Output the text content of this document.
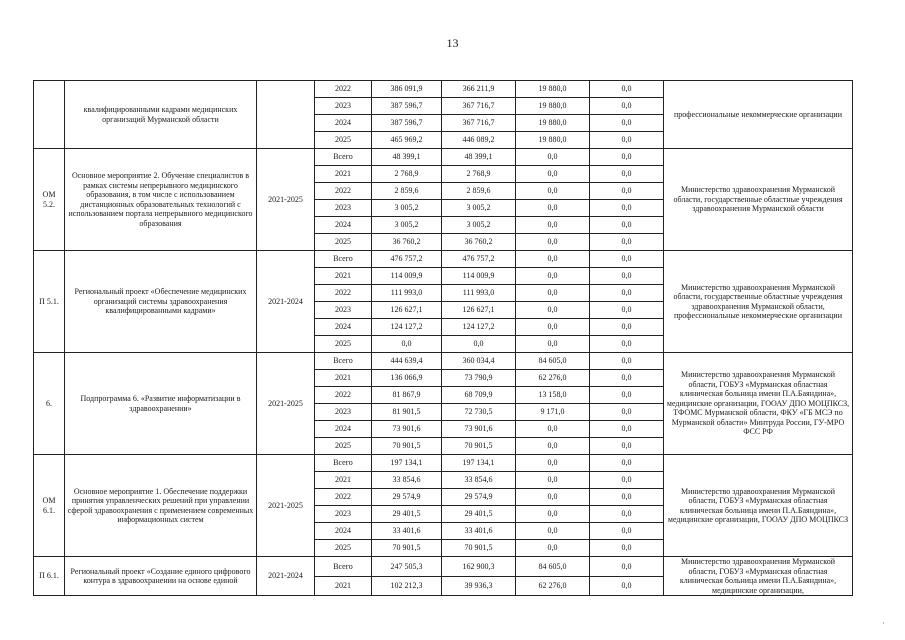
13
	квалифицированными кадрами медицинских организаций Мурманской области		2022	386 091,9	366 211,9	19 880,0	0,0	профессиональные некоммерческие организации
			2023	387 596,7	367 716,7	19 880,0	0,0	
			2024	387 596,7	367 716,7	19 880,0	0,0	
			2025	465 969,2	446 089,2	19 880,0	0,0	
ОМ 5.2.	Основное мероприятие 2. Обучение специалистов в рамках системы непрерывного медицинского образования, в том числе с использованием дистанционных образовательных технологий с использованием портала непрерывного медицинского образования	2021-2025	Всего	48 399,1	48 399,1	0,0	0,0	Министерство здравоохранения Мурманской области, государственные областные учреждения здравоохранения Мурманской области
			2021	2 768,9	2 768,9	0,0	0,0	
			2022	2 859,6	2 859,6	0,0	0,0	
			2023	3 005,2	3 005,2	0,0	0,0	
			2024	3 005,2	3 005,2	0,0	0,0	
			2025	36 760,2	36 760,2	0,0	0,0	
П 5.1.	Региональный проект «Обеспечение медицинских организаций системы здравоохранения квалифицированными кадрами»	2021-2024	Всего	476 757,2	476 757,2	0,0	0,0	Министерство здравоохранения Мурманской области, государственные областные учреждения здравоохранения Мурманской области, профессиональные некоммерческие организации
			2021	114 009,9	114 009,9	0,0	0,0	
			2022	111 993,0	111 993,0	0,0	0,0	
			2023	126 627,1	126 627,1	0,0	0,0	
			2024	124 127,2	124 127,2	0,0	0,0	
			2025	0,0	0,0	0,0	0,0	
6.	Подпрограмма 6. «Развитие информатизации в здравоохранении»	2021-2025	Всего	444 639,4	360 034,4	84 605,0	0,0	Министерство здравоохранения Мурманской области, ГОБУЗ «Мурманская областная клиническая больница имени П.А.Баяндина», медицинские организации, ГООАУ ДПО МОЦПКСЗ, ТФОМС Мурманской области, ФКУ «ГБ МСЭ по Мурманской области» Минтруда России, ГУ-МРО ФСС РФ
			2021	136 066,9	73 790,9	62 276,0	0,0	
			2022	81 867,9	68 709,9	13 158,0	0,0	
			2023	81 901,5	72 730,5	9 171,0	0,0	
			2024	73 901,6	73 901,6	0,0	0,0	
			2025	70 901,5	70 901,5	0,0	0,0	
ОМ 6.1.	Основное мероприятие 1. Обеспечение поддержки принятия управленческих решений при управлении сферой здравоохранения с применением современных информационных систем	2021-2025	Всего	197 134,1	197 134,1	0,0	0,0	Министерство здравоохранения Мурманской области, ГОБУЗ «Мурманская областная клиническая больница имени П.А.Баяндина», медицинские организации, ГООАУ ДПО МОЦПКСЗ
			2021	33 854,6	33 854,6	0,0	0,0	
			2022	29 574,9	29 574,9	0,0	0,0	
			2023	29 401,5	29 401,5	0,0	0,0	
			2024	33 401,6	33 401,6	0,0	0,0	
			2025	70 901,5	70 901,5	0,0	0,0	
П 6.1.	Региональный проект «Создание единого цифрового контура в здравоохранении на основе единой	2021-2024	Всего	247 505,3	162 900,3	84 605,0	0,0	Министерство здравоохранения Мурманской области, ГОБУЗ «Мурманская областная клиническая больница имени П.А.Баяндина», медицинские организации,
			2021	102 212,3	39 936,3	62 276,0	0,0	
·
